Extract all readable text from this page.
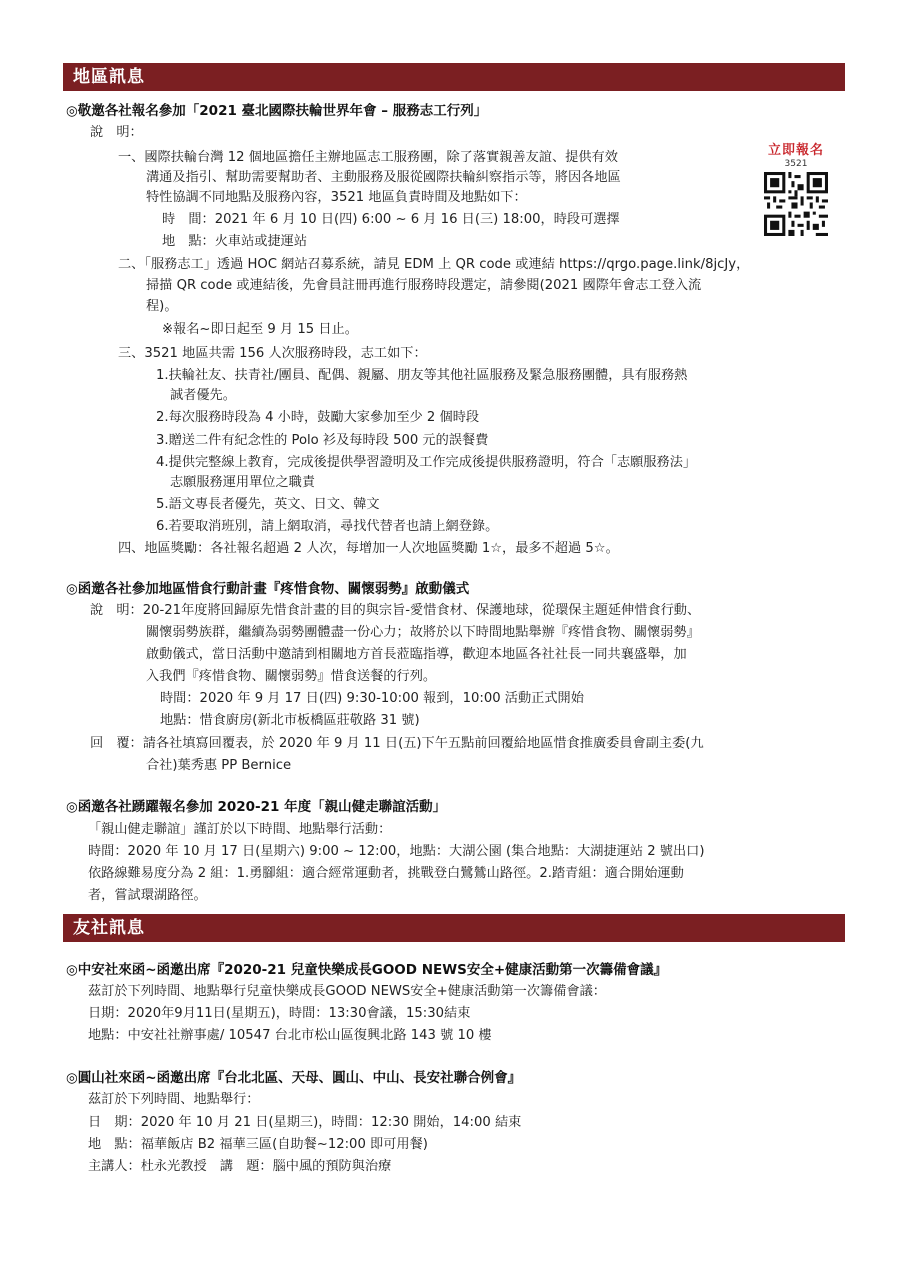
地區訊息
◎敬邀各社報名參加「2021 臺北國際扶輪世界年會 – 服務志工行列」
說　明：
一、國際扶輪台灣 12 個地區擔任主辦地區志工服務團，除了落實親善友誼、提供有效
溝通及指引、幫助需要幫助者、主動服務及服從國際扶輪糾察指示等，將因各地區
特性協調不同地點及服務內容，3521 地區負責時間及地點如下：
時　間：2021 年 6 月 10 日(四) 6:00 ~ 6 月 16 日(三) 18:00，時段可選擇
地　點：火車站或捷運站
二、「服務志工」透過 HOC 網站召募系統，請見 EDM 上 QR code 或連結 https://qrgo.page.link/8jcJy，
掃描 QR code 或連結後，先會員註冊再進行服務時段選定，請參閱(2021 國際年會志工登入流
程)。
※報名~即日起至 9 月 15 日止。
三、3521 地區共需 156 人次服務時段，志工如下：
1.扶輪社友、扶青社/團員、配偶、親屬、朋友等其他社區服務及緊急服務團體，具有服務熱
誠者優先。
2.每次服務時段為 4 小時，鼓勵大家參加至少 2 個時段
3.贈送二件有紀念性的 Polo 衫及每時段 500 元的誤餐費
4.提供完整線上教育，完成後提供學習證明及工作完成後提供服務證明，符合「志願服務法」
志願服務運用單位之職責
5.語文專長者優先，英文、日文、韓文
6.若要取消班別，請上網取消，尋找代替者也請上網登錄。
四、地區獎勵：各社報名超過 2 人次，每增加一人次地區獎勵 1☆，最多不超過 5☆。
立即報名
3521
◎函邀各社參加地區惜食行動計畫『疼惜食物、關懷弱勢』啟動儀式
說　明：20-21年度將回歸原先惜食計畫的目的與宗旨-愛惜食材、保護地球，從環保主題延伸惜食行動、
關懷弱勢族群，繼續為弱勢團體盡一份心力；故將於以下時間地點舉辦『疼惜食物、關懷弱勢』
啟動儀式，當日活動中邀請到相關地方首長蒞臨指導，歡迎本地區各社社長一同共襄盛舉，加
入我們『疼惜食物、關懷弱勢』惜食送餐的行列。
時間：2020 年 9 月 17 日(四) 9:30-10:00 報到，10:00 活動正式開始
地點：惜食廚房(新北市板橋區莊敬路 31 號)
回　覆：請各社填寫回覆表，於 2020 年 9 月 11 日(五)下午五點前回覆給地區惜食推廣委員會副主委(九
合社)葉秀惠 PP Bernice
◎函邀各社踴躍報名參加 2020-21 年度「親山健走聯誼活動」
「親山健走聯誼」謹訂於以下時間、地點舉行活動：
時間：2020 年 10 月 17 日(星期六) 9:00 ~ 12:00，地點：大湖公園 (集合地點：大湖捷運站 2 號出口)
依路線難易度分為 2 組：1.勇腳組：適合經常運動者，挑戰登白鷺鷥山路徑。2.踏青組：適合開始運動
者，嘗試環湖路徑。
友社訊息
◎中安社來函~函邀出席『2020-21 兒童快樂成長GOOD NEWS安全+健康活動第一次籌備會議』
茲訂於下列時間、地點舉行兒童快樂成長GOOD NEWS安全+健康活動第一次籌備會議：
日期：2020年9月11日(星期五)，時間：13:30會議，15:30結束
地點：中安社社辦事處/ 10547 台北市松山區復興北路 143 號 10 樓
◎圓山社來函~函邀出席『台北北區、天母、圓山、中山、長安社聯合例會』
茲訂於下列時間、地點舉行：
日　期：2020 年 10 月 21 日(星期三)，時間：12:30 開始，14:00 結束
地　點：福華飯店 B2 福華三區(自助餐~12:00 即可用餐)
主講人：杜永光教授　講　題：腦中風的預防與治療
